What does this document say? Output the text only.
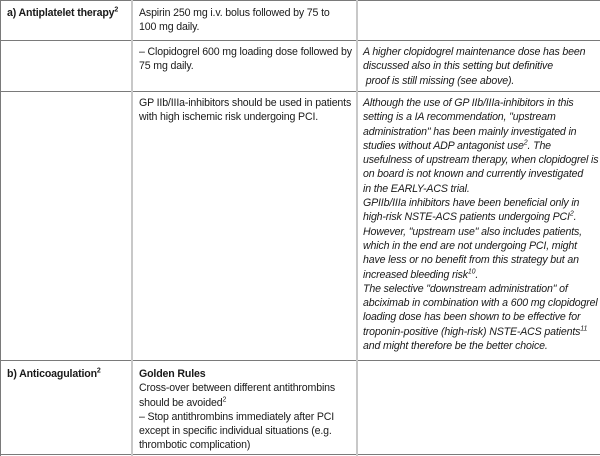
a) Antiplatelet therapy$^2$	Aspirin 250 mg i.v. bolus followed by 75 to
100 mg daily.
– Clopidogrel 600 mg loading dose followed by
75 mg daily.
A higher clopidogrel maintenance dose has been
discussed also in this setting but definitive
proof is still missing (see above).
GP IIb/IIIa-inhibitors should be used in patients
with high ischemic risk undergoing PCI.
Although the use of GP IIb/IIIa-inhibitors in this
setting is a IA recommendation, "upstream
administration" has been mainly investigated in
studies without ADP antagonist use$^2$. The
usefulness of upstream therapy, when clopidogrel is
on board is not known and currently investigated
in the EARLY-ACS trial.
GPIIb/IIIa inhibitors have been beneficial only in
high-risk NSTE-ACS patients undergoing PCI$^2$.
However, "upstream use" also includes patients,
which in the end are not undergoing PCI, might
have less or no benefit from this strategy but an
increased bleeding risk$^{10}$.
The selective "downstream administration" of
abciximab in combination with a 600 mg clopidogrel
loading dose has been shown to be effective for
troponin-positive (high-risk) NSTE-ACS patients$^{11}$
and might therefore be the better choice.
b) Anticoagulation$^2$	Golden Rules
Cross-over between different antithrombins
should be avoided$^2$
– Stop antithrombins immediately after PCI
except in specific individual situations (e.g.
thrombotic complication)
